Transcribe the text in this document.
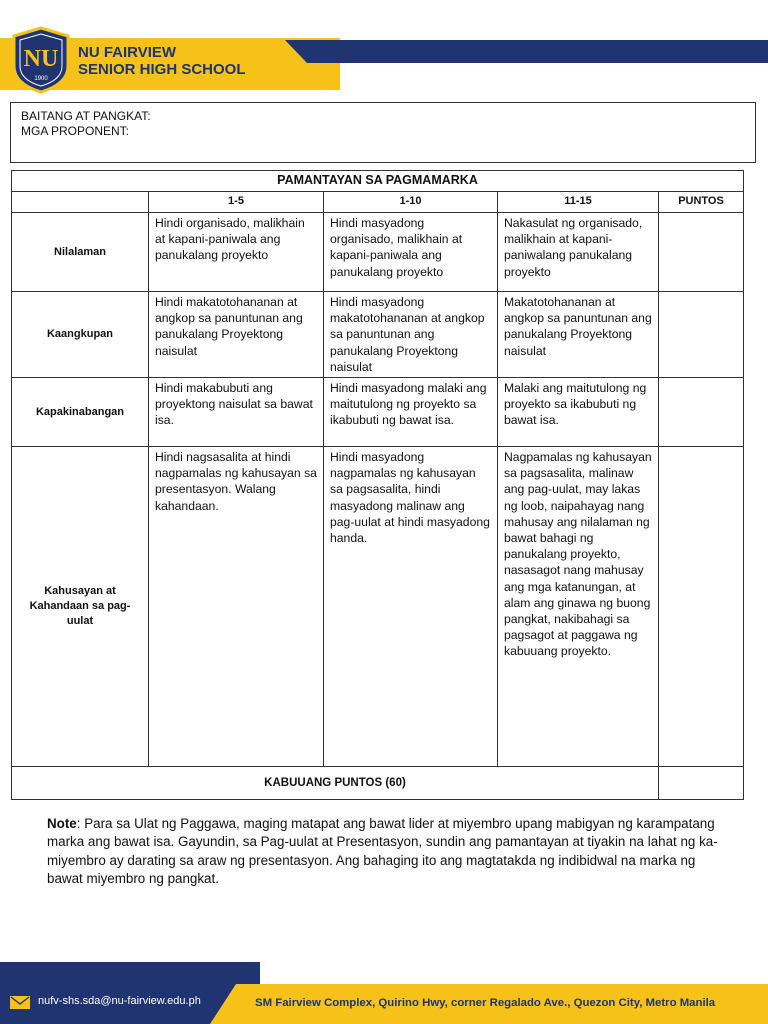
NU
1900
NU FAIRVIEW
SENIOR HIGH SCHOOL
BAITANG AT PANGKAT:
MGA PROPONENT:
PAMANTAYAN SA PAGMAMARKA				
	1-5	1-10	11-15	PUNTOS
Nilalaman	Hindi organisado, malikhain at kapani-paniwala ang panukalang proyekto	Hindi masyadong organisado, malikhain at kapani-paniwala ang panukalang proyekto	Nakasulat ng organisado, malikhain at kapani-paniwalang panukalang proyekto	
Kaangkupan	Hindi makatotohananan at angkop sa panuntunan ang panukalang Proyektong naisulat	Hindi masyadong makatotohananan at angkop sa panuntunan ang panukalang Proyektong naisulat	Makatotohananan at angkop sa panuntunan ang panukalang Proyektong naisulat	
Kapakinabangan	Hindi makabubuti ang proyektong naisulat sa bawat isa.	Hindi masyadong malaki ang maitutulong ng proyekto sa ikabubuti ng bawat isa.	Malaki ang maitutulong ng proyekto sa ikabubuti ng bawat isa.	
Kahusayan at Kahandaan sa pag-uulat	Hindi nagsasalita at hindi nagpamalas ng kahusayan sa presentasyon. Walang kahandaan.	Hindi masyadong nagpamalas ng kahusayan sa pagsasalita, hindi masyadong malinaw ang pag-uulat at hindi masyadong handa.	Nagpamalas ng kahusayan sa pagsasalita, malinaw ang pag-uulat, may lakas ng loob, naipahayag nang mahusay ang nilalaman ng bawat bahagi ng panukalang proyekto, nasasagot nang mahusay ang mga katanungan, at alam ang ginawa ng buong pangkat, nakibahagi sa pagsagot at paggawa ng kabuuang proyekto.	
KABUUANG PUNTOS (60)				
Note: Para sa Ulat ng Paggawa, maging matapat ang bawat lider at miyembro upang mabigyan ng karampatang marka ang bawat isa. Gayundin, sa Pag-uulat at Presentasyon, sundin ang pamantayan at tiyakin na lahat ng ka-miyembro ay darating sa araw ng presentasyon. Ang bahaging ito ang magtatakda ng indibidwal na marka ng bawat miyembro ng pangkat.
nufv-shs.sda@nu-fairview.edu.ph	SM Fairview Complex, Quirino Hwy, corner Regalado Ave., Quezon City, Metro Manila
